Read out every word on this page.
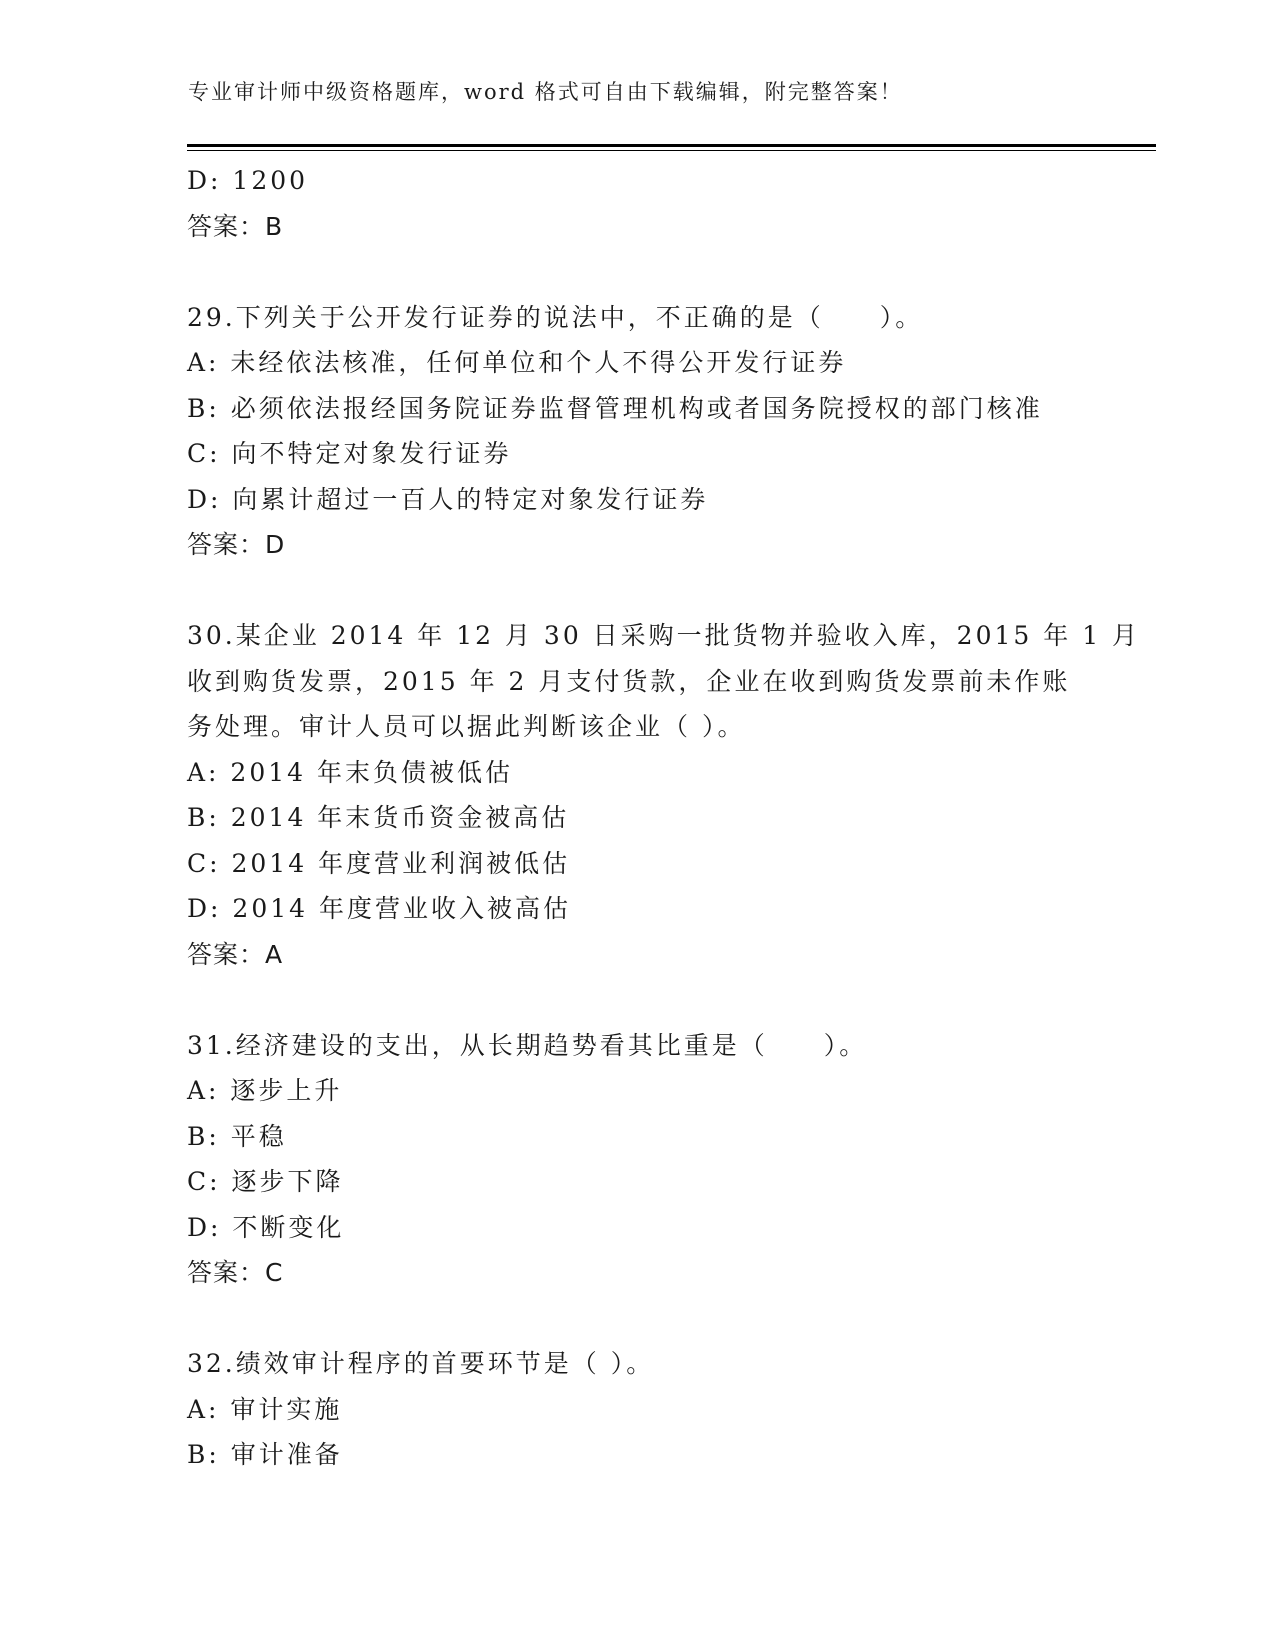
专业审计师中级资格题库，word 格式可自由下载编辑，附完整答案！
D: 1200
答案：B
29.下列关于公开发行证券的说法中，不正确的是（　　）。
A: 未经依法核准，任何单位和个人不得公开发行证券
B: 必须依法报经国务院证券监督管理机构或者国务院授权的部门核准
C: 向不特定对象发行证券
D: 向累计超过一百人的特定对象发行证券
答案：D
30.某企业 2014 年 12 月 30 日采购一批货物并验收入库，2015 年 1 月
收到购货发票，2015 年 2 月支付货款，企业在收到购货发票前未作账
务处理。审计人员可以据此判断该企业（ ）。
A: 2014 年末负债被低估
B: 2014 年末货币资金被高估
C: 2014 年度营业利润被低估
D: 2014 年度营业收入被高估
答案：A
31.经济建设的支出，从长期趋势看其比重是（　　）。
A: 逐步上升
B: 平稳
C: 逐步下降
D: 不断变化
答案：C
32.绩效审计程序的首要环节是（ ）。
A: 审计实施
B: 审计准备
